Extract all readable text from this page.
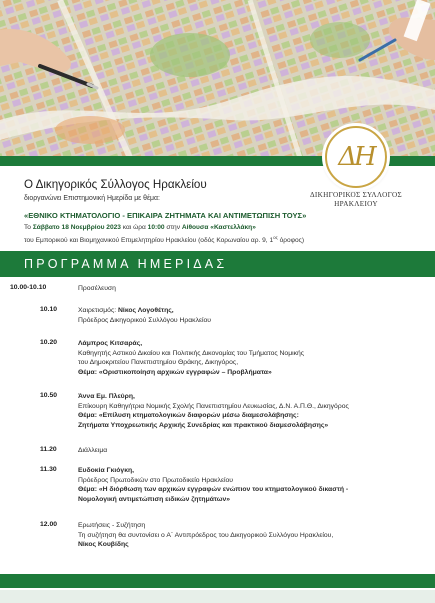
ΔΗ
ΔΙΚΗΓΟΡΙΚΟΣ ΣΥΛΛΟΓΟΣ
ΗΡΑΚΛΕΙΟΥ
Ο Δικηγορικός Σύλλογος Ηρακλείου
διοργανώνει Επιστημονική Ημερίδα με θέμα:
«ΕΘΝΙΚΟ ΚΤΗΜΑΤΟΛΟΓΙΟ - ΕΠΙΚΑΙΡΑ ΖΗΤΗΜΑΤΑ ΚΑΙ ΑΝΤΙΜΕΤΩΠΙΣΗ ΤΟΥΣ»
Το Σάββατο 18 Νοεμβρίου 2023 και ώρα 10:00 στην Αίθουσα «Καστελλάκη»
του Εμπορικού και Βιομηχανικού Επιμελητηρίου Ηρακλείου (οδός Κορωναίου αρ. 9, $1^{o\varsigma}$ όροφος)
ΠΡΟΓΡΑΜΜΑ ΗΜΕΡΙΔΑΣ
10.00-10.10	Προσέλευση
10.10	Χαιρετισμός: Νίκος Λογοθέτης,
Πρόεδρος Δικηγορικού Συλλόγου Ηρακλείου
10.20	Λάμπρος Κιτσαράς,
Καθηγητής Αστικού Δικαίου και Πολιτικής Δικονομίας του Τμήματος Νομικής
του Δημοκριτείου Πανεπιστημίου Θράκης, Δικηγόρος,
Θέμα: «Οριστικοποίηση αρχικών εγγραφών – Προβλήματα»
10.50	Άννα Εμ. Πλεύρη,
Επίκουρη Καθηγήτρια Νομικής Σχολής Πανεπιστημίου Λευκωσίας, Δ.Ν. Α.Π.Θ., Δικηγόρος
Θέμα: «Επίλυση κτηματολογικών διαφορών μέσω διαμεσολάβησης:
Ζητήματα Υποχρεωτικής Αρχικής Συνεδρίας και πρακτικού διαμεσολάβησης»
11.20	Διάλλειμα
11.30	Ευδοκία Γκιόγκη,
Πρόεδρος Πρωτοδικών στο Πρωτοδικείο Ηρακλείου
Θέμα: «Η διόρθωση των αρχικών εγγραφών ενώπιον του κτηματολογικού δικαστή -
Νομολογική αντιμετώπιση ειδικών ζητημάτων»
12.00	Ερωτήσεις - Συζήτηση
Τη συζήτηση θα συντονίσει ο Α΄ Αντιπρόεδρος του Δικηγορικού Συλλόγου Ηρακλείου,
Νίκος Κουβίδης
